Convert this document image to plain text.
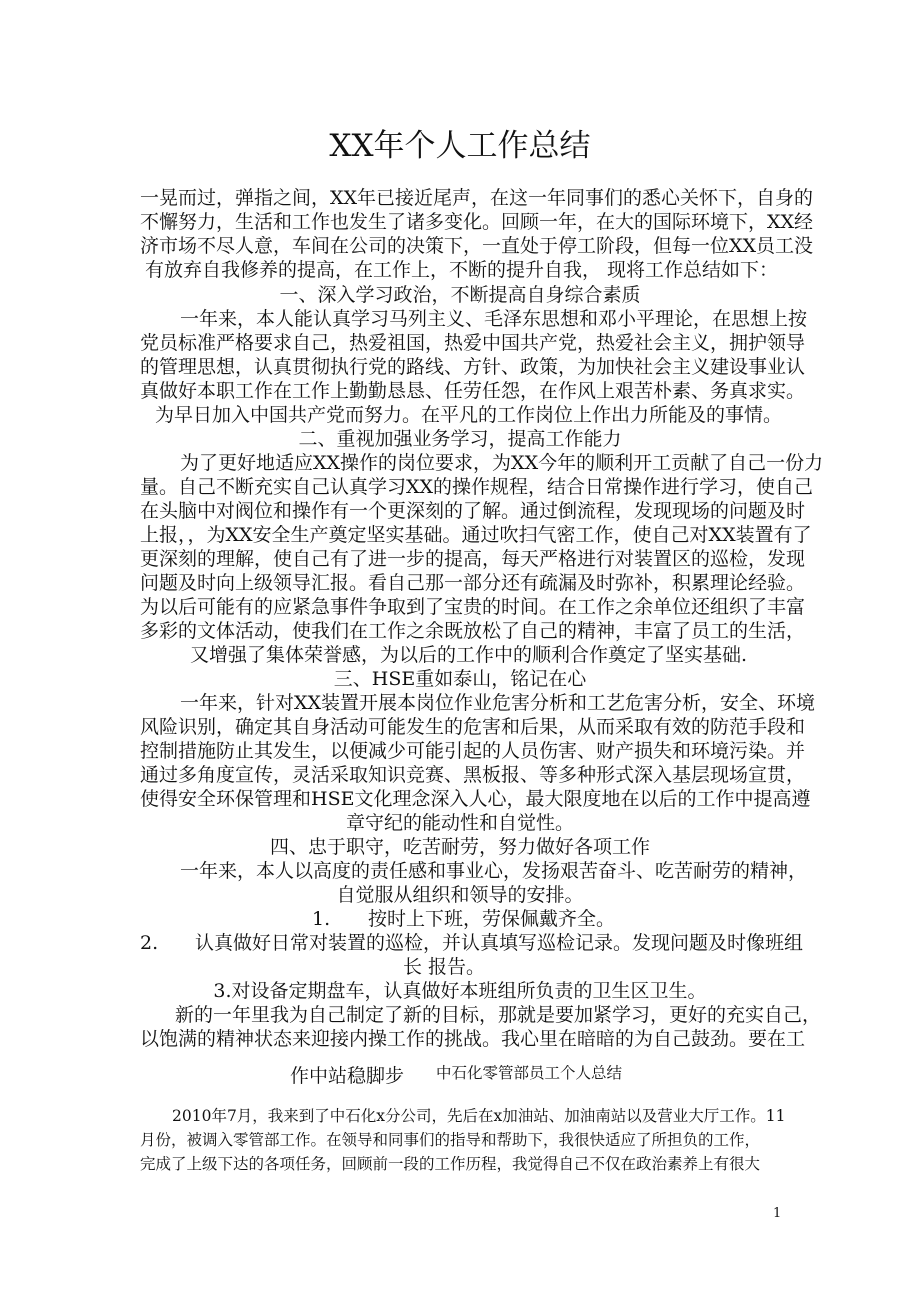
XX年个人工作总结
一晃而过，弹指之间，XX年已接近尾声，在这一年同事们的悉心关怀下，自身的
不懈努力，生活和工作也发生了诸多变化。回顾一年，在大的国际环境下，XX经
济市场不尽人意，车间在公司的决策下，一直处于停工阶段，但每一位XX员工没
有放弃自我修养的提高，在工作上，不断的提升自我， 现将工作总结如下：
一、深入学习政治，不断提高自身综合素质
一年来，本人能认真学习马列主义、毛泽东思想和邓小平理论，在思想上按
党员标准严格要求自己，热爱祖国，热爱中国共产党，热爱社会主义，拥护领导
的管理思想，认真贯彻执行党的路线、方针、政策，为加快社会主义建设事业认
真做好本职工作在工作上勤勤恳恳、任劳任怨，在作风上艰苦朴素、务真求实。
为早日加入中国共产党而努力。在平凡的工作岗位上作出力所能及的事情。
二、重视加强业务学习，提高工作能力
为了更好地适应XX操作的岗位要求，为XX今年的顺利开工贡献了自己一份力
量。自己不断充实自己认真学习XX的操作规程，结合日常操作进行学习，使自己
在头脑中对阀位和操作有一个更深刻的了解。通过倒流程，发现现场的问题及时
上报，，为XX安全生产奠定坚实基础。通过吹扫气密工作，使自己对XX装置有了
更深刻的理解，使自己有了进一步的提高，每天严格进行对装置区的巡检，发现
问题及时向上级领导汇报。看自己那一部分还有疏漏及时弥补，积累理论经验。
为以后可能有的应紧急事件争取到了宝贵的时间。在工作之余单位还组织了丰富
多彩的文体活动，使我们在工作之余既放松了自己的精神，丰富了员工的生活，
又增强了集体荣誉感，为以后的工作中的顺利合作奠定了坚实基础.
三、HSE重如泰山，铭记在心
一年来，针对XX装置开展本岗位作业危害分析和工艺危害分析，安全、环境
风险识别，确定其自身活动可能发生的危害和后果，从而采取有效的防范手段和
控制措施防止其发生，以便减少可能引起的人员伤害、财产损失和环境污染。并
通过多角度宣传，灵活采取知识竞赛、黑板报、等多种形式深入基层现场宣贯，
使得安全环保管理和HSE文化理念深入人心，最大限度地在以后的工作中提高遵
章守纪的能动性和自觉性。
四、忠于职守，吃苦耐劳，努力做好各项工作
一年来，本人以高度的责任感和事业心，发扬艰苦奋斗、吃苦耐劳的精神，
自觉服从组织和领导的安排。
1. 按时上下班，劳保佩戴齐全。
2. 认真做好日常对装置的巡检，并认真填写巡检记录。发现问题及时像班组
长 报告。
3.对设备定期盘车，认真做好本班组所负责的卫生区卫生。
新的一年里我为自己制定了新的目标，那就是要加紧学习，更好的充实自己，
以饱满的精神状态来迎接内操工作的挑战。我心里在暗暗的为自己鼓劲。要在工
作中站稳脚步 中石化零管部员工个人总结
2010年7月，我来到了中石化x分公司，先后在x加油站、加油南站以及营业大厅工作。11
月份，被调入零管部工作。在领导和同事们的指导和帮助下，我很快适应了所担负的工作，
完成了上级下达的各项任务，回顾前一段的工作历程，我觉得自己不仅在政治素养上有很大
1
